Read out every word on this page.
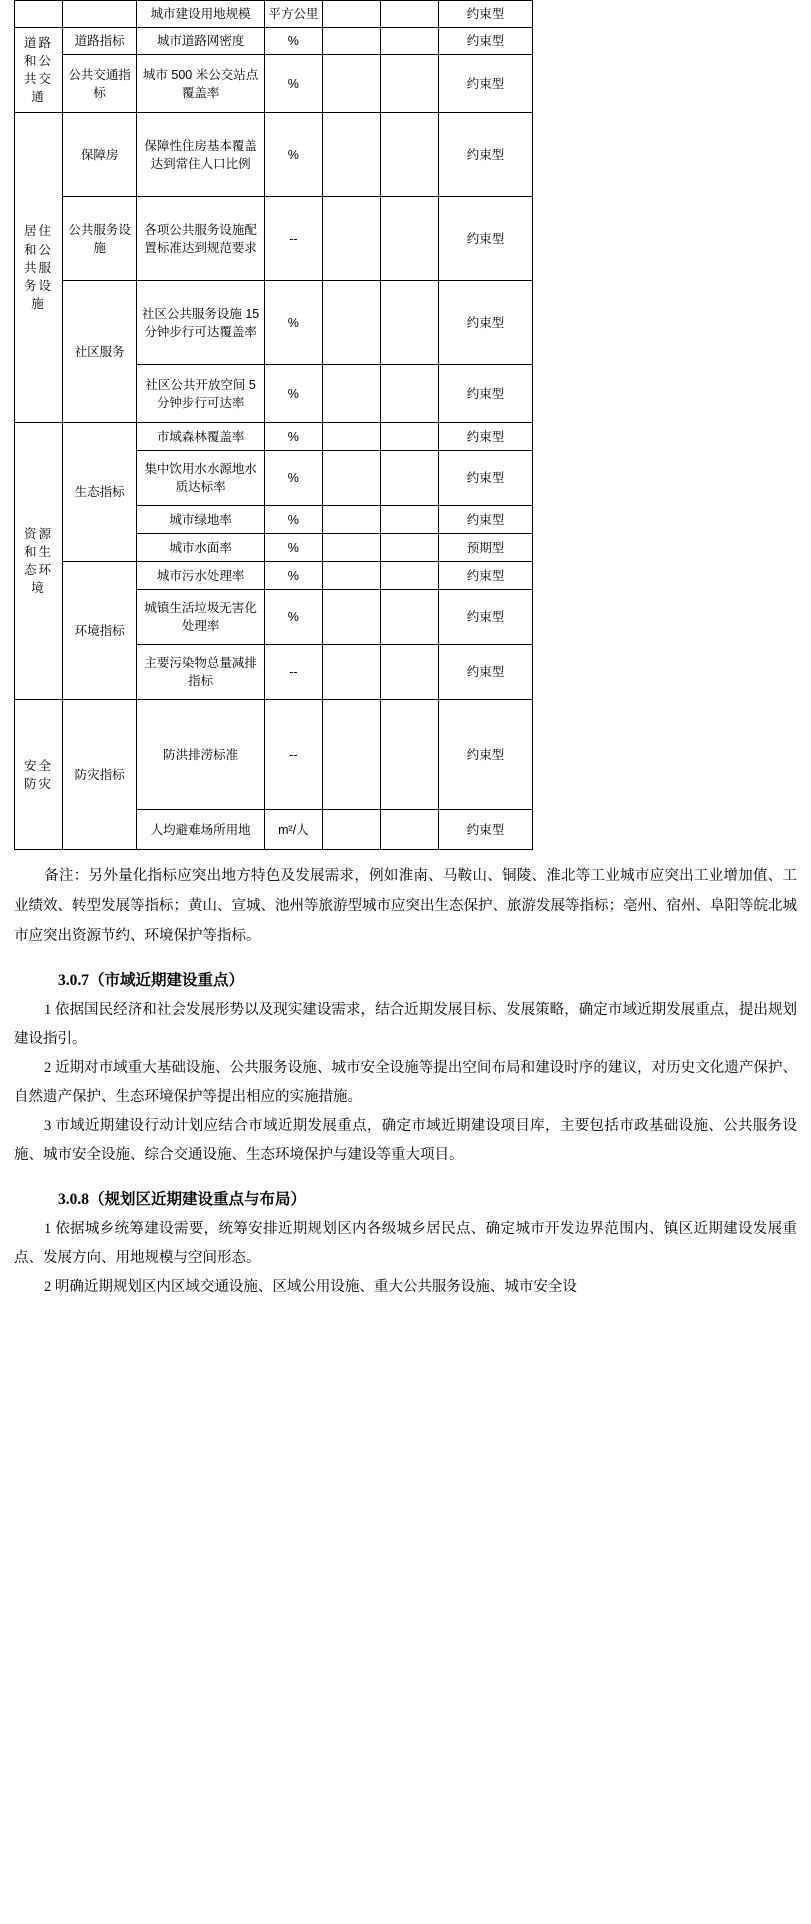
		城市建设用地规模	平方公里			约束型
道路和公共交通	道路指标	城市道路网密度	%			约束型
	公共交通指标	城市 500 米公交站点覆盖率	%			约束型
居住和公共服务设施	保障房	保障性住房基本覆盖达到常住人口比例	%			约束型
	公共服务设施	各项公共服务设施配置标准达到规范要求	--			约束型
	社区服务	社区公共服务设施 15 分钟步行可达覆盖率	%			约束型
		社区公共开放空间 5 分钟步行可达率	%			约束型
资源和生态环境	生态指标	市域森林覆盖率	%			约束型
		集中饮用水水源地水质达标率	%			约束型
		城市绿地率	%			约束型
		城市水面率	%			预期型
	环境指标	城市污水处理率	%			约束型
		城镇生活垃圾无害化处理率	%			约束型
		主要污染物总量减排指标	--			约束型
安全防灾	防灾指标	防洪排涝标准	--			约束型
		人均避难场所用地	m²/人			约束型

备注：另外量化指标应突出地方特色及发展需求，例如淮南、马鞍山、铜陵、淮北等工业城市应突出工业增加值、工业绩效、转型发展等指标；黄山、宣城、池州等旅游型城市应突出生态保护、旅游发展等指标；亳州、宿州、阜阳等皖北城市应突出资源节约、环境保护等指标。

3.0.7（市域近期建设重点）

1 依据国民经济和社会发展形势以及现实建设需求，结合近期发展目标、发展策略，确定市域近期发展重点，提出规划建设指引。

2 近期对市域重大基础设施、公共服务设施、城市安全设施等提出空间布局和建设时序的建议，对历史文化遗产保护、自然遗产保护、生态环境保护等提出相应的实施措施。

3 市域近期建设行动计划应结合市域近期发展重点，确定市域近期建设项目库，主要包括市政基础设施、公共服务设施、城市安全设施、综合交通设施、生态环境保护与建设等重大项目。

3.0.8（规划区近期建设重点与布局）

1 依据城乡统筹建设需要，统筹安排近期规划区内各级城乡居民点、确定城市开发边界范围内、镇区近期建设发展重点、发展方向、用地规模与空间形态。

2 明确近期规划区内区域交通设施、区域公用设施、重大公共服务设施、城市安全设
